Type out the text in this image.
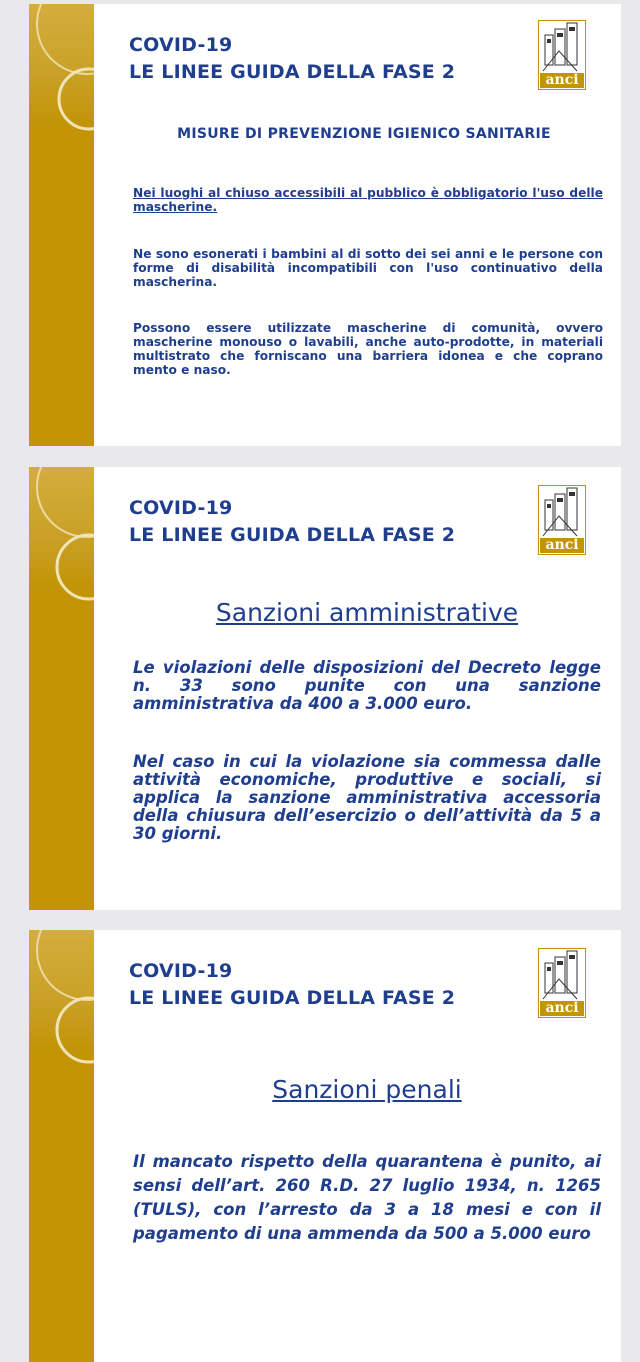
COVID-19
LE LINEE GUIDA DELLA FASE 2	anci
MISURE DI PREVENZIONE IGIENICO SANITARIE
Nei luoghi al chiuso accessibili al pubblico è obbligatorio l'uso delle mascherine.
Ne sono esonerati i bambini al di sotto dei sei anni e le persone con forme di disabilità incompatibili con l'uso continuativo della mascherina.
Possono essere utilizzate mascherine di comunità, ovvero mascherine monouso o lavabili, anche auto-prodotte, in materiali multistrato che forniscano una barriera idonea e che coprano mento e naso.
COVID-19
LE LINEE GUIDA DELLA FASE 2	anci
Sanzioni amministrative
Le violazioni delle disposizioni del Decreto legge n. 33 sono punite con una sanzione amministrativa da 400 a 3.000 euro.
Nel caso in cui la violazione sia commessa dalle attività economiche, produttive e sociali, si applica la sanzione amministrativa accessoria della chiusura dell’esercizio o dell’attività da 5 a 30 giorni.
COVID-19
LE LINEE GUIDA DELLA FASE 2	anci
Sanzioni penali
Il mancato rispetto della quarantena è punito, ai sensi dell’art. 260 R.D. 27 luglio 1934, n. 1265 (TULS), con l’arresto da 3 a 18 mesi e con il pagamento di una ammenda da 500 a 5.000 euro
